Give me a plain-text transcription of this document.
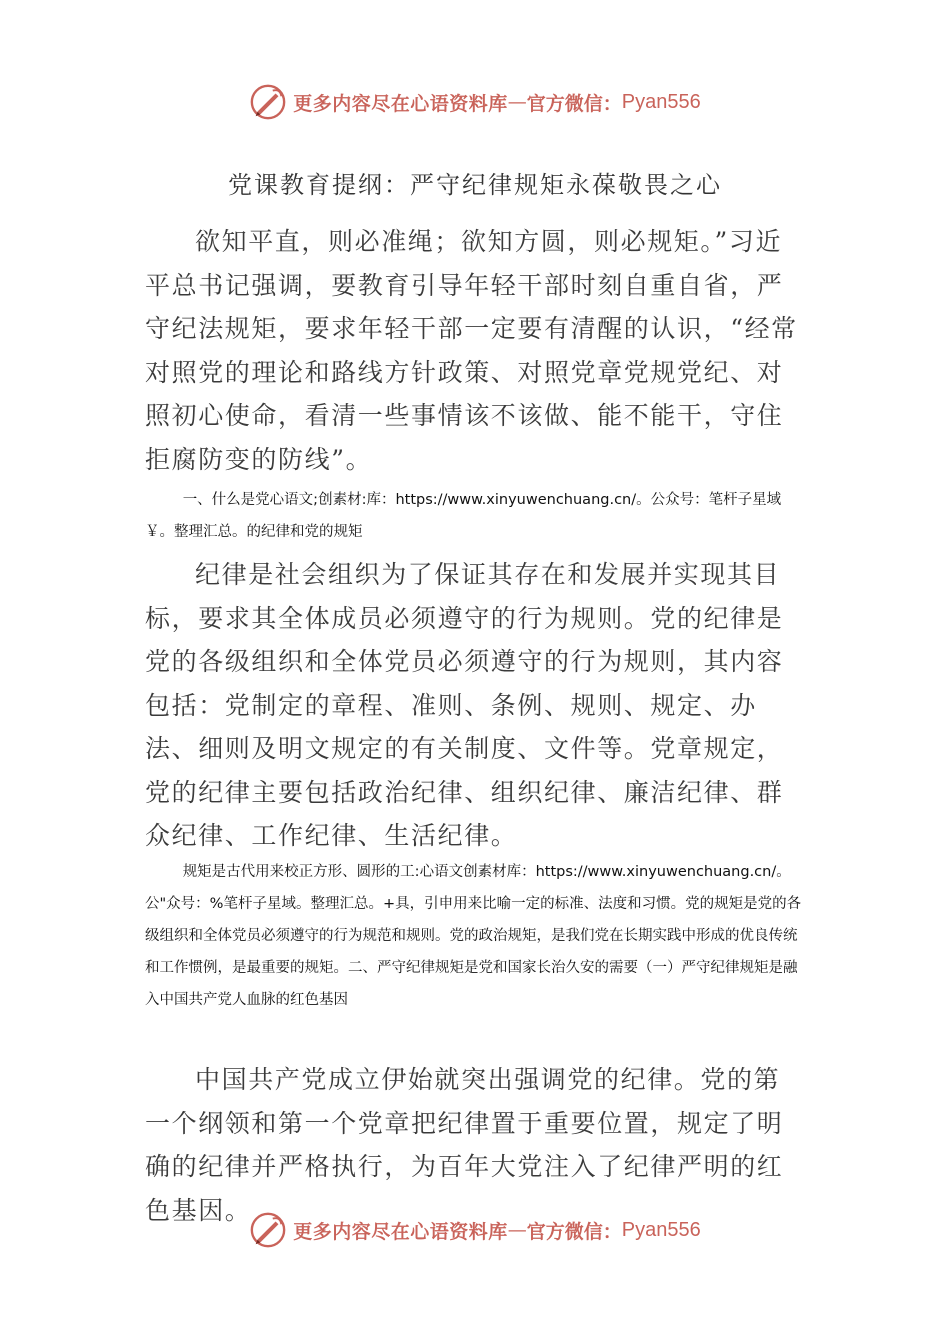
更多内容尽在心语资料库 — 官方微信： Pyan556
党课教育提纲：严守纪律规矩永葆敬畏之心

欲知平直，则必准绳；欲知方圆，则必规矩。”习近平总书记强调，要教育引导年轻干部时刻自重自省，严守纪法规矩，要求年轻干部一定要有清醒的认识，“经常对照党的理论和路线方针政策、对照党章党规党纪、对照初心使命，看清一些事情该不该做、能不能干，守住拒腐防变的防线”。

一、什么是党心语文;创素材:库：https://www.xinyuwenchuang.cn/。公众号：笔杆子星域￥。整理汇总。的纪律和党的规矩

纪律是社会组织为了保证其存在和发展并实现其目标，要求其全体成员必须遵守的行为规则。党的纪律是党的各级组织和全体党员必须遵守的行为规则，其内容包括：党制定的章程、准则、条例、规则、规定、办法、细则及明文规定的有关制度、文件等。党章规定，党的纪律主要包括政治纪律、组织纪律、廉洁纪律、群众纪律、工作纪律、生活纪律。

规矩是古代用来校正方形、圆形的工:心语文创素材库：https://www.xinyuwenchuang.cn/。公"众号：%笔杆子星域。整理汇总。+具，引申用来比喻一定的标准、法度和习惯。党的规矩是党的各级组织和全体党员必须遵守的行为规范和规则。党的政治规矩，是我们党在长期实践中形成的优良传统和工作惯例，是最重要的规矩。二、严守纪律规矩是党和国家长治久安的需要（一）严守纪律规矩是融入中国共产党人血脉的红色基因

中国共产党成立伊始就突出强调党的纪律。党的第一个纲领和第一个党章把纪律置于重要位置，规定了明确的纪律并严格执行，为百年大党注入了纪律严明的红色基因。

更多内容尽在心语资料库 — 官方微信： Pyan556
